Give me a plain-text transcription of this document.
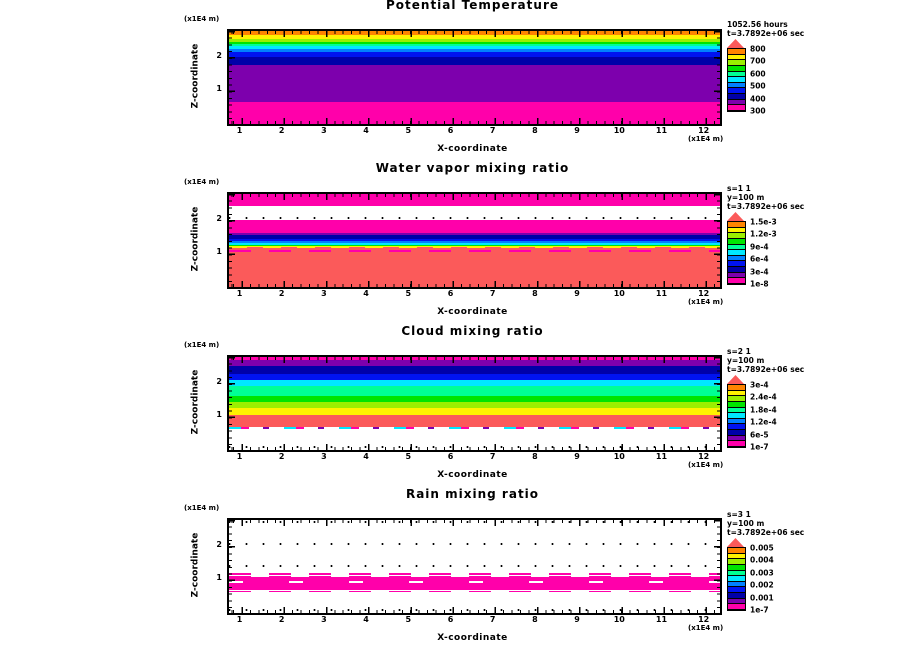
Potential Temperature
(x1E4 m)
Z-coordinate	2
1
1	2	3	4	5	6	7	8	9	10	11	12
(x1E4 m)
X-coordinate
1052.56 hours
t=3.7892e+06 sec
800
700
600
500
400
300
Water vapor mixing ratio
(x1E4 m)
Z-coordinate	2
1
1	2	3	4	5	6	7	8	9	10	11	12
(x1E4 m)
X-coordinate
s=1 1
y=100 m
t=3.7892e+06 sec
1.5e-3
1.2e-3
9e-4
6e-4
3e-4
1e-8
Cloud mixing ratio
(x1E4 m)
Z-coordinate	2
1
1	2	3	4	5	6	7	8	9	10	11	12
(x1E4 m)
X-coordinate
s=2 1
y=100 m
t=3.7892e+06 sec
3e-4
2.4e-4
1.8e-4
1.2e-4
6e-5
1e-7
Rain mixing ratio
(x1E4 m)
Z-coordinate	2
1
1	2	3	4	5	6	7	8	9	10	11	12
(x1E4 m)
X-coordinate
s=3 1
y=100 m
t=3.7892e+06 sec
0.005
0.004
0.003
0.002
0.001
1e-7
